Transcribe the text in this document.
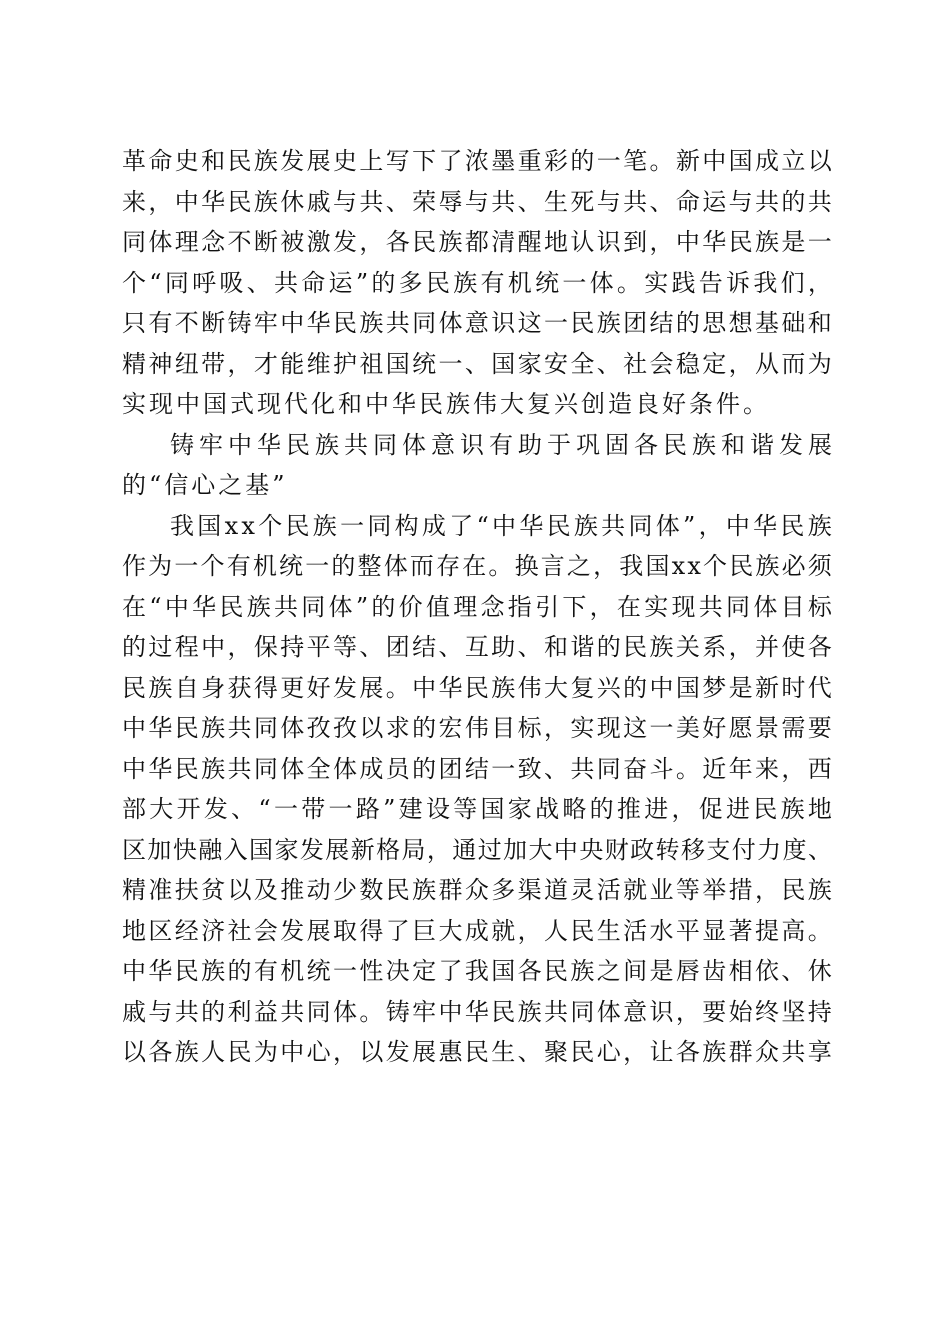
革 命 史 和 民 族 发 展 史 上 写 下 了 浓 墨 重 彩 的 一 笔 。 新 中 国 成 立 以
来 ， 中 华 民 族 休 戚 与 共 、 荣 辱 与 共 、 生 死 与 共 、 命 运 与 共 的 共
同 体 理 念 不 断 被 激 发 ， 各 民 族 都 清 醒 地 认 识 到 ， 中 华 民 族 是 一
个 “ 同 呼 吸 、 共 命 运 ” 的 多 民 族 有 机 统 一 体 。 实 践 告 诉 我 们 ，
只 有 不 断 铸 牢 中 华 民 族 共 同 体 意 识 这 一 民 族 团 结 的 思 想 基 础 和
精 神 纽 带 ， 才 能 维 护 祖 国 统 一 、 国 家 安 全 、 社 会 稳 定 ， 从 而 为
实现中国式现代化和中华民族伟大复兴创造良好条件。
铸 牢 中 华 民 族 共 同 体 意 识 有 助 于 巩 固 各 民 族 和 谐 发 展
的“信心之基”
我 国 x x 个 民 族 一 同 构 成 了 “ 中 华 民 族 共 同 体 ” ， 中 华 民 族
作 为 一 个 有 机 统 一 的 整 体 而 存 在 。 换 言 之 ， 我 国 x x 个 民 族 必 须
在 “ 中 华 民 族 共 同 体 ” 的 价 值 理 念 指 引 下 ， 在 实 现 共 同 体 目 标
的 过 程 中 ， 保 持 平 等 、 团 结 、 互 助 、 和 谐 的 民 族 关 系 ， 并 使 各
民 族 自 身 获 得 更 好 发 展 。 中 华 民 族 伟 大 复 兴 的 中 国 梦 是 新 时 代
中 华 民 族 共 同 体 孜 孜 以 求 的 宏 伟 目 标 ， 实 现 这 一 美 好 愿 景 需 要
中 华 民 族 共 同 体 全 体 成 员 的 团 结 一 致 、 共 同 奋 斗 。 近 年 来 ， 西
部 大 开 发 、 “ 一 带 一 路 ” 建 设 等 国 家 战 略 的 推 进 ， 促 进 民 族 地
区 加 快 融 入 国 家 发 展 新 格 局 ， 通 过 加 大 中 央 财 政 转 移 支 付 力 度 、
精 准 扶 贫 以 及 推 动 少 数 民 族 群 众 多 渠 道 灵 活 就 业 等 举 措 ， 民 族
地 区 经 济 社 会 发 展 取 得 了 巨 大 成 就 ， 人 民 生 活 水 平 显 著 提 高 。
中 华 民 族 的 有 机 统 一 性 决 定 了 我 国 各 民 族 之 间 是 唇 齿 相 依 、 休
戚 与 共 的 利 益 共 同 体 。 铸 牢 中 华 民 族 共 同 体 意 识 ， 要 始 终 坚 持
以 各 族 人 民 为 中 心 ， 以 发 展 惠 民 生 、 聚 民 心 ， 让 各 族 群 众 共 享
